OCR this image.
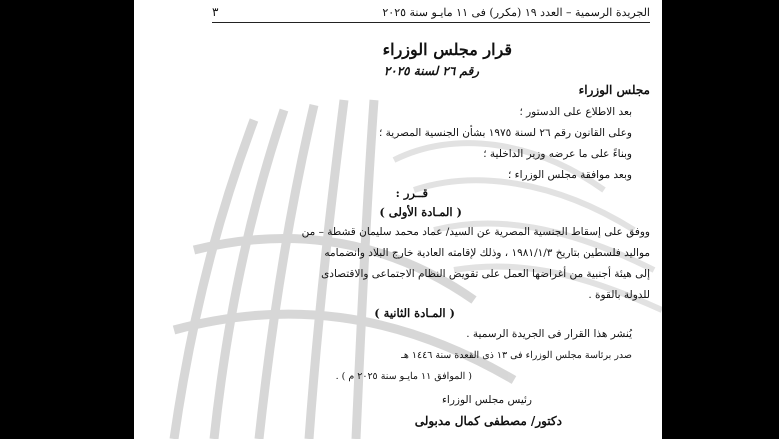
الجريدة الرسمية – العدد ١٩ (مكرر) فى ١١ مايـو سنة ٢٠٢٥
٣
قرار مجلس الوزراء
رقم ٢٦ لسنة ٢٠٢٥
مجلس الوزراء
بعد الاطلاع على الدستور ؛
وعلى القانون رقم ٢٦ لسنة ١٩٧٥ بشأن الجنسية المصرية ؛
وبناءً على ما عرضه وزير الداخلية ؛
وبعد موافقة مجلس الوزراء ؛
قــرر :
( المـادة الأولى )
ووفق على إسقاط الجنسية المصرية عن السيد/ عماد محمد سليمان قشطة – من
مواليد فلسطين بتاريخ ١٩٨١/١/٣ ، وذلك لإقامته العادية خارج البلاد وانضمامه
إلى هيئة أجنبية من أغراضها العمل على تقويض النظام الاجتماعى والاقتصادى
للدولة بالقوة .
( المـادة الثانية )
يُنشر هذا القرار فى الجريدة الرسمية .
صدر برئاسة مجلس الوزراء فى ١٣ ذى القعدة سنة ١٤٤٦ هـ
( الموافق ١١ مايـو سنة ٢٠٢٥ م ) .
رئيس مجلس الوزراء
دكتور/ مصطفى كمال مدبولى
